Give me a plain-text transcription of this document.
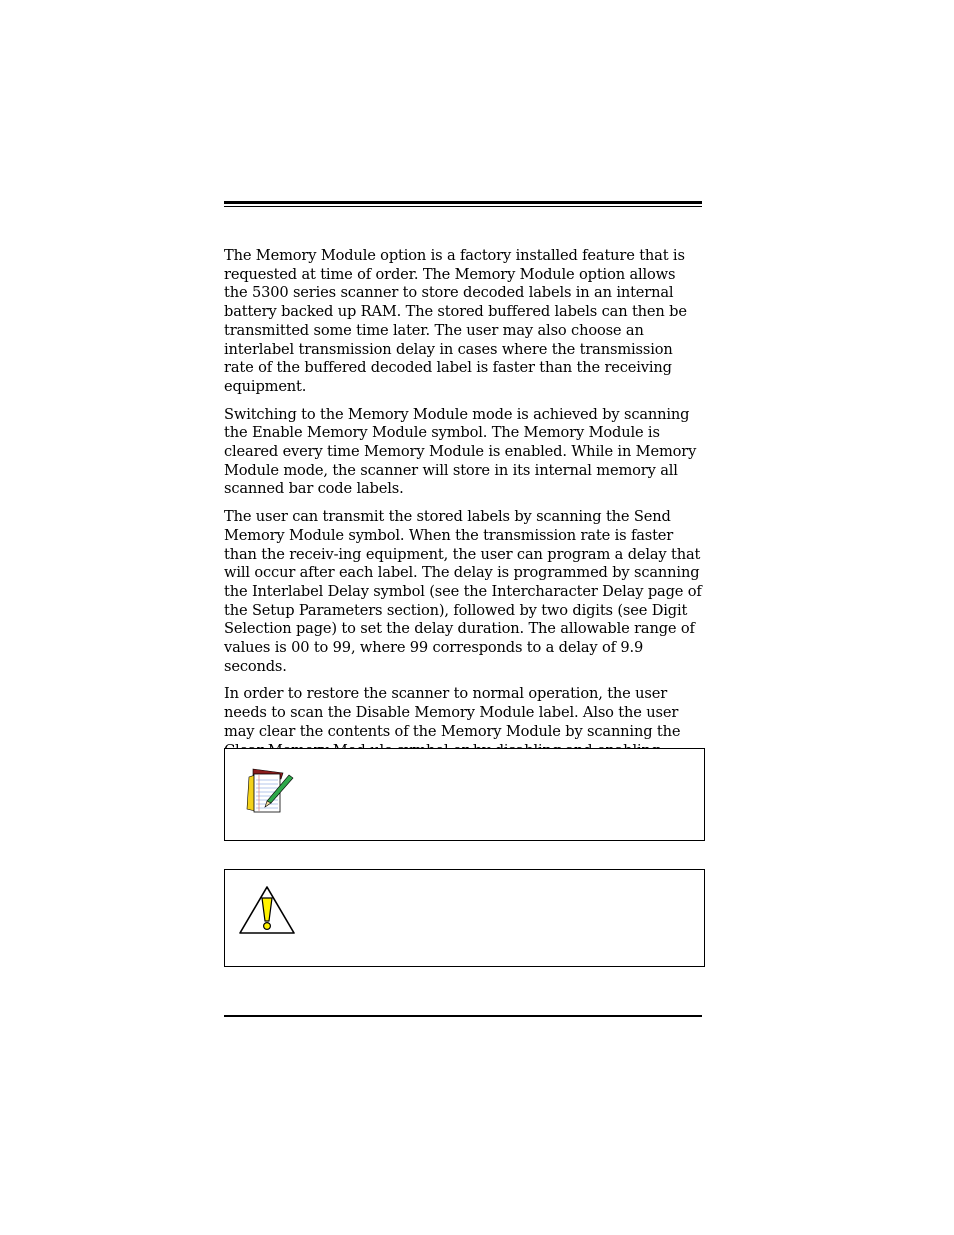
The Memory Module option is a factory installed feature that is requested at time of order. The Memory Module option allows the 5300 series scanner to store decoded labels in an internal battery backed up RAM. The stored buffered labels can then be transmitted some time later. The user may also choose an interlabel transmission delay in cases where the transmission rate of the buffered decoded label is faster than the receiving equipment.

Switching to the Memory Module mode is achieved by scanning the Enable Memory Module symbol. The Memory Module is cleared every time Memory Module is enabled. While in Memory Module mode, the scanner will store in its internal memory all scanned bar code labels.

The user can transmit the stored labels by scanning the Send Memory Module symbol. When the transmission rate is faster than the receiv-ing equipment, the user can program a delay that will occur after each label. The delay is programmed by scanning the Interlabel Delay symbol (see the Intercharacter Delay page of the Setup Parameters section), followed by two digits (see Digit Selection page) to set the delay duration. The allowable range of values is 00 to 99, where 99 corresponds to a delay of 9.9 seconds.

In order to restore the scanner to normal operation, the user needs to scan the Disable Memory Module label. Also the user may clear the contents of the Memory Module by scanning the
